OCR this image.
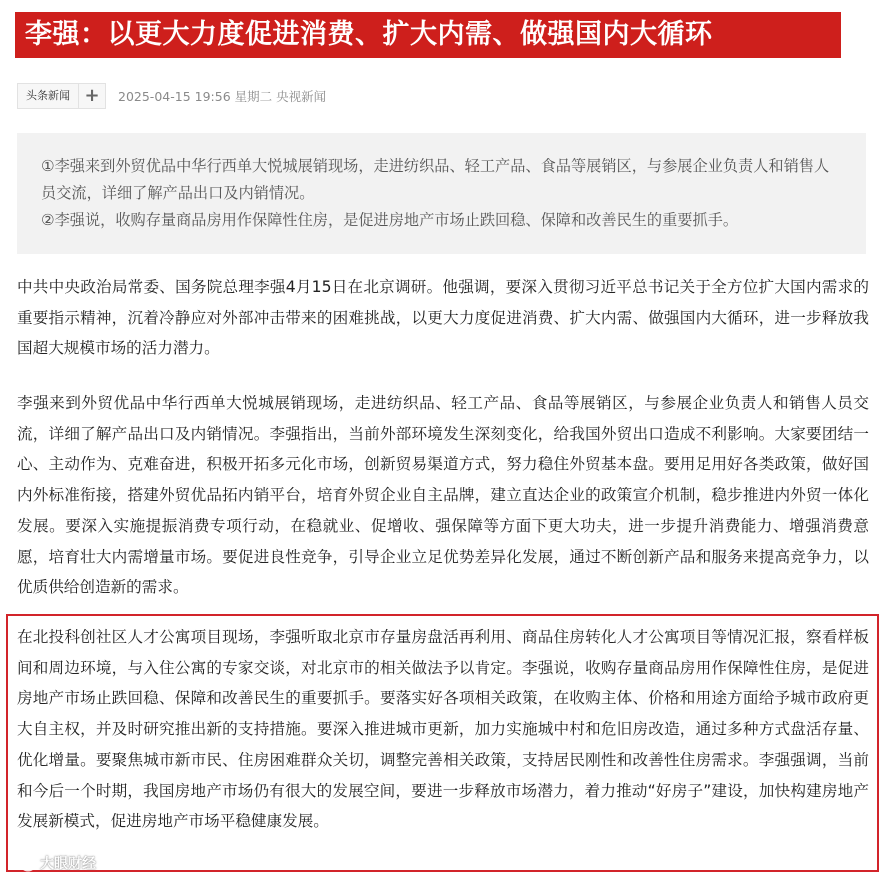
李强：以更大力度促进消费、扩大内需、做强国内大循环
头条新闻 +	2025-04-15 19:56 星期二 央视新闻

①李强来到外贸优品中华行西单大悦城展销现场，走进纺织品、轻工产品、食品等展销区，与参展企业负责人和销售人员交流，详细了解产品出口及内销情况。

②李强说，收购存量商品房用作保障性住房，是促进房地产市场止跌回稳、保障和改善民生的重要抓手。

中共中央政治局常委、国务院总理李强4月15日在北京调研。他强调，要深入贯彻习近平总书记关于全方位扩大国内需求的重要指示精神，沉着冷静应对外部冲击带来的困难挑战，以更大力度促进消费、扩大内需、做强国内大循环，进一步释放我国超大规模市场的活力潜力。

李强来到外贸优品中华行西单大悦城展销现场，走进纺织品、轻工产品、食品等展销区，与参展企业负责人和销售人员交流，详细了解产品出口及内销情况。李强指出，当前外部环境发生深刻变化，给我国外贸出口造成不利影响。大家要团结一心、主动作为、克难奋进，积极开拓多元化市场，创新贸易渠道方式，努力稳住外贸基本盘。要用足用好各类政策，做好国内外标准衔接，搭建外贸优品拓内销平台，培育外贸企业自主品牌，建立直达企业的政策宣介机制，稳步推进内外贸一体化发展。要深入实施提振消费专项行动，在稳就业、促增收、强保障等方面下更大功夫，进一步提升消费能力、增强消费意愿，培育壮大内需增量市场。要促进良性竞争，引导企业立足优势差异化发展，通过不断创新产品和服务来提高竞争力，以优质供给创造新的需求。

在北投科创社区人才公寓项目现场，李强听取北京市存量房盘活再利用、商品住房转化人才公寓项目等情况汇报，察看样板间和周边环境，与入住公寓的专家交谈，对北京市的相关做法予以肯定。李强说，收购存量商品房用作保障性住房，是促进房地产市场止跌回稳、保障和改善民生的重要抓手。要落实好各项相关政策，在收购主体、价格和用途方面给予城市政府更大自主权，并及时研究推出新的支持措施。要深入推进城市更新，加力实施城中村和危旧房改造，通过多种方式盘活存量、优化增量。要聚焦城市新市民、住房困难群众关切，调整完善相关政策，支持居民刚性和改善性住房需求。李强强调，当前和今后一个时期，我国房地产市场仍有很大的发展空间，要进一步释放市场潜力，着力推动“好房子”建设，加快构建房地产发展新模式，促进房地产市场平稳健康发展。

大眼财经
